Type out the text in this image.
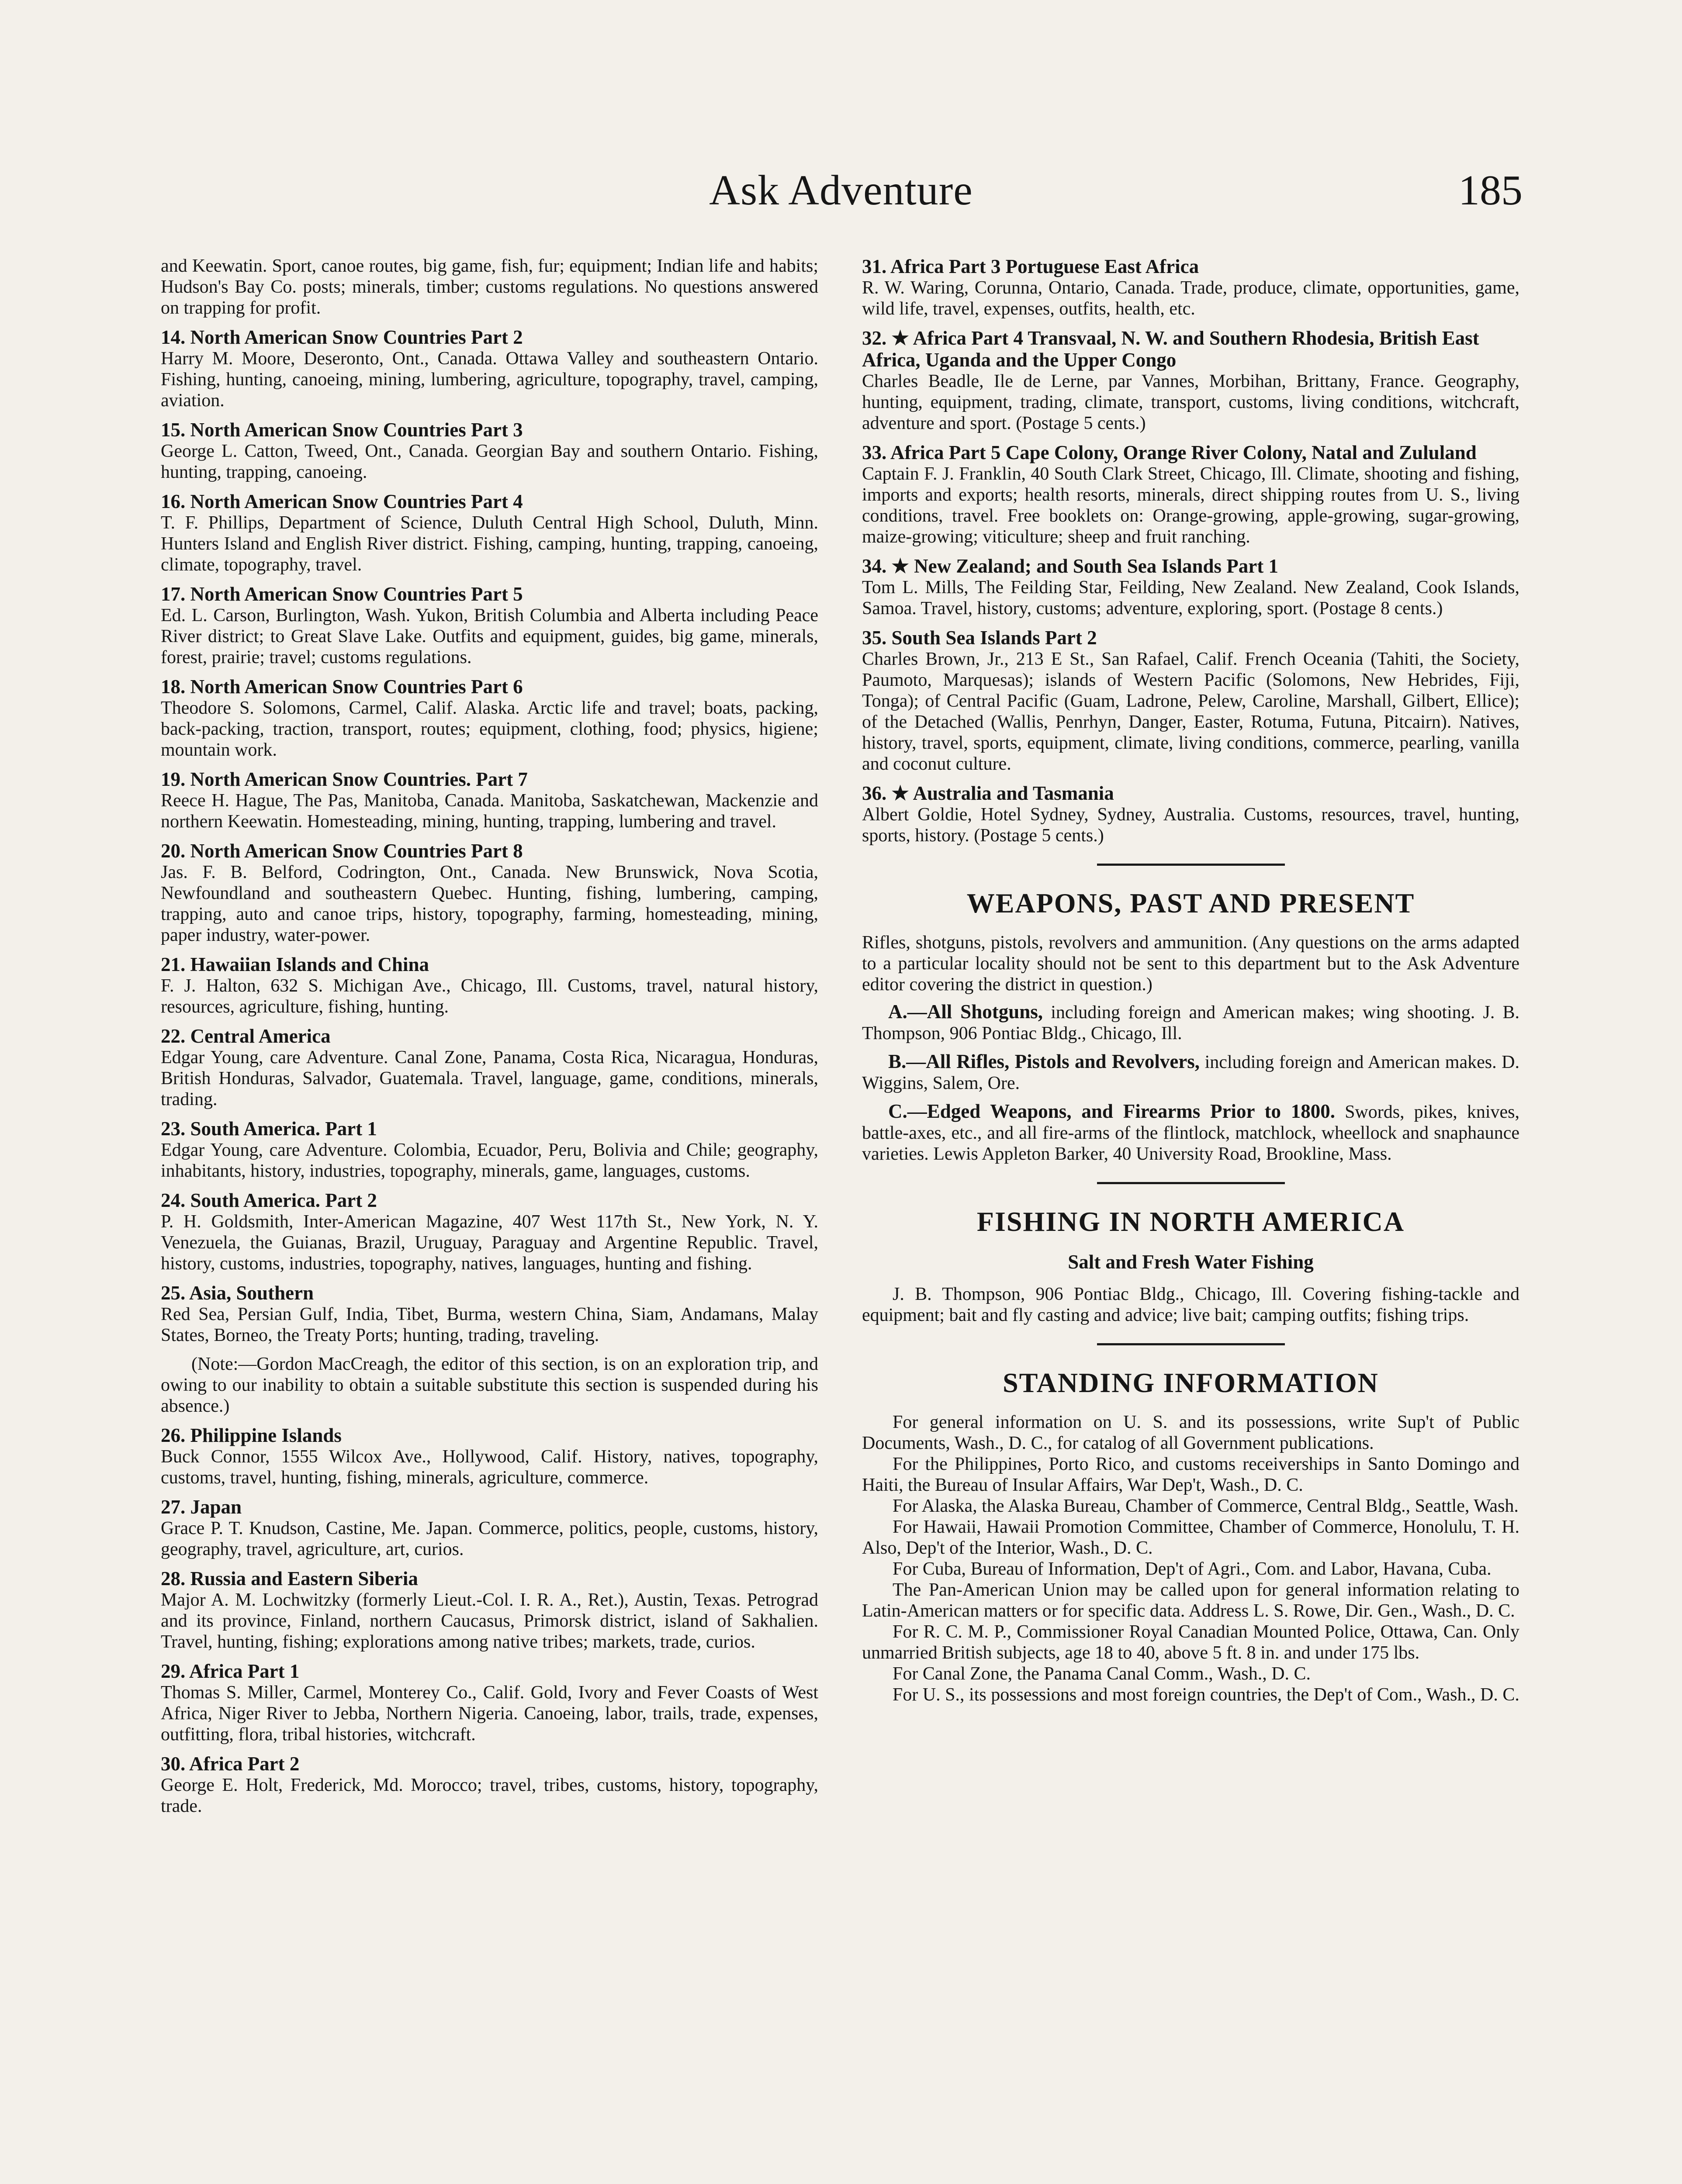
Ask Adventure	185
and Keewatin. Sport, canoe routes, big game, fish, fur; equipment; Indian life and habits; Hudson's Bay Co. posts; minerals, timber; customs regulations. No questions answered on trapping for profit.
14. North American Snow Countries Part 2
Harry M. Moore, Deseronto, Ont., Canada. Ottawa Valley and southeastern Ontario. Fishing, hunting, canoeing, mining, lumbering, agriculture, topography, travel, camping, aviation.
15. North American Snow Countries Part 3
George L. Catton, Tweed, Ont., Canada. Georgian Bay and southern Ontario. Fishing, hunting, trapping, canoeing.
16. North American Snow Countries Part 4
T. F. Phillips, Department of Science, Duluth Central High School, Duluth, Minn. Hunters Island and English River district. Fishing, camping, hunting, trapping, canoeing, climate, topography, travel.
17. North American Snow Countries Part 5
Ed. L. Carson, Burlington, Wash. Yukon, British Columbia and Alberta including Peace River district; to Great Slave Lake. Outfits and equipment, guides, big game, minerals, forest, prairie; travel; customs regulations.
18. North American Snow Countries Part 6
Theodore S. Solomons, Carmel, Calif. Alaska. Arctic life and travel; boats, packing, back-packing, traction, transport, routes; equipment, clothing, food; physics, higiene; mountain work.
19. North American Snow Countries. Part 7
Reece H. Hague, The Pas, Manitoba, Canada. Manitoba, Saskatchewan, Mackenzie and northern Keewatin. Homesteading, mining, hunting, trapping, lumbering and travel.
20. North American Snow Countries Part 8
Jas. F. B. Belford, Codrington, Ont., Canada. New Brunswick, Nova Scotia, Newfoundland and southeastern Quebec. Hunting, fishing, lumbering, camping, trapping, auto and canoe trips, history, topography, farming, homesteading, mining, paper industry, water-power.
21. Hawaiian Islands and China
F. J. Halton, 632 S. Michigan Ave., Chicago, Ill. Customs, travel, natural history, resources, agriculture, fishing, hunting.
22. Central America
Edgar Young, care Adventure. Canal Zone, Panama, Costa Rica, Nicaragua, Honduras, British Honduras, Salvador, Guatemala. Travel, language, game, conditions, minerals, trading.
23. South America. Part 1
Edgar Young, care Adventure. Colombia, Ecuador, Peru, Bolivia and Chile; geography, inhabitants, history, industries, topography, minerals, game, languages, customs.
24. South America. Part 2
P. H. Goldsmith, Inter-American Magazine, 407 West 117th St., New York, N. Y. Venezuela, the Guianas, Brazil, Uruguay, Paraguay and Argentine Republic. Travel, history, customs, industries, topography, natives, languages, hunting and fishing.
25. Asia, Southern
Red Sea, Persian Gulf, India, Tibet, Burma, western China, Siam, Andamans, Malay States, Borneo, the Treaty Ports; hunting, trading, traveling.
(Note:—Gordon MacCreagh, the editor of this section, is on an exploration trip, and owing to our inability to obtain a suitable substitute this section is suspended during his absence.)
26. Philippine Islands
Buck Connor, 1555 Wilcox Ave., Hollywood, Calif. History, natives, topography, customs, travel, hunting, fishing, minerals, agriculture, commerce.
27. Japan
Grace P. T. Knudson, Castine, Me. Japan. Commerce, politics, people, customs, history, geography, travel, agriculture, art, curios.
28. Russia and Eastern Siberia
Major A. M. Lochwitzky (formerly Lieut.-Col. I. R. A., Ret.), Austin, Texas. Petrograd and its province, Finland, northern Caucasus, Primorsk district, island of Sakhalien. Travel, hunting, fishing; explorations among native tribes; markets, trade, curios.
29. Africa Part 1
Thomas S. Miller, Carmel, Monterey Co., Calif. Gold, Ivory and Fever Coasts of West Africa, Niger River to Jebba, Northern Nigeria. Canoeing, labor, trails, trade, expenses, outfitting, flora, tribal histories, witchcraft.
30. Africa Part 2
George E. Holt, Frederick, Md. Morocco; travel, tribes, customs, history, topography, trade.
31. Africa Part 3 Portuguese East Africa
R. W. Waring, Corunna, Ontario, Canada. Trade, produce, climate, opportunities, game, wild life, travel, expenses, outfits, health, etc.
32. ★ Africa Part 4 Transvaal, N. W. and Southern Rhodesia, British East Africa, Uganda and the Upper Congo
Charles Beadle, Ile de Lerne, par Vannes, Morbihan, Brittany, France. Geography, hunting, equipment, trading, climate, transport, customs, living conditions, witchcraft, adventure and sport. (Postage 5 cents.)
33. Africa Part 5 Cape Colony, Orange River Colony, Natal and Zululand
Captain F. J. Franklin, 40 South Clark Street, Chicago, Ill. Climate, shooting and fishing, imports and exports; health resorts, minerals, direct shipping routes from U. S., living conditions, travel. Free booklets on: Orange-growing, apple-growing, sugar-growing, maize-growing; viticulture; sheep and fruit ranching.
34. ★ New Zealand; and South Sea Islands Part 1
Tom L. Mills, The Feilding Star, Feilding, New Zealand. New Zealand, Cook Islands, Samoa. Travel, history, customs; adventure, exploring, sport. (Postage 8 cents.)
35. South Sea Islands Part 2
Charles Brown, Jr., 213 E St., San Rafael, Calif. French Oceania (Tahiti, the Society, Paumoto, Marquesas); islands of Western Pacific (Solomons, New Hebrides, Fiji, Tonga); of Central Pacific (Guam, Ladrone, Pelew, Caroline, Marshall, Gilbert, Ellice); of the Detached (Wallis, Penrhyn, Danger, Easter, Rotuma, Futuna, Pitcairn). Natives, history, travel, sports, equipment, climate, living conditions, commerce, pearling, vanilla and coconut culture.
36. ★ Australia and Tasmania
Albert Goldie, Hotel Sydney, Sydney, Australia. Customs, resources, travel, hunting, sports, history. (Postage 5 cents.)
WEAPONS, PAST AND PRESENT
Rifles, shotguns, pistols, revolvers and ammunition. (Any questions on the arms adapted to a particular locality should not be sent to this department but to the Ask Adventure editor covering the district in question.)
A.—All Shotguns, including foreign and American makes; wing shooting. J. B. Thompson, 906 Pontiac Bldg., Chicago, Ill.
B.—All Rifles, Pistols and Revolvers, including foreign and American makes. D. Wiggins, Salem, Ore.
C.—Edged Weapons, and Firearms Prior to 1800. Swords, pikes, knives, battle-axes, etc., and all fire-arms of the flintlock, matchlock, wheellock and snaphaunce varieties. Lewis Appleton Barker, 40 University Road, Brookline, Mass.
FISHING IN NORTH AMERICA
Salt and Fresh Water Fishing
J. B. Thompson, 906 Pontiac Bldg., Chicago, Ill. Covering fishing-tackle and equipment; bait and fly casting and advice; live bait; camping outfits; fishing trips.
STANDING INFORMATION

For general information on U. S. and its possessions, write Sup't of Public Documents, Wash., D. C., for catalog of all Government publications.

For the Philippines, Porto Rico, and customs receiverships in Santo Domingo and Haiti, the Bureau of Insular Affairs, War Dep't, Wash., D. C.

For Alaska, the Alaska Bureau, Chamber of Commerce, Central Bldg., Seattle, Wash.

For Hawaii, Hawaii Promotion Committee, Chamber of Commerce, Honolulu, T. H. Also, Dep't of the Interior, Wash., D. C.

For Cuba, Bureau of Information, Dep't of Agri., Com. and Labor, Havana, Cuba.

The Pan-American Union may be called upon for general information relating to Latin-American matters or for specific data. Address L. S. Rowe, Dir. Gen., Wash., D. C.

For R. C. M. P., Commissioner Royal Canadian Mounted Police, Ottawa, Can. Only unmarried British subjects, age 18 to 40, above 5 ft. 8 in. and under 175 lbs.

For Canal Zone, the Panama Canal Comm., Wash., D. C.

For U. S., its possessions and most foreign countries, the Dep't of Com., Wash., D. C.
